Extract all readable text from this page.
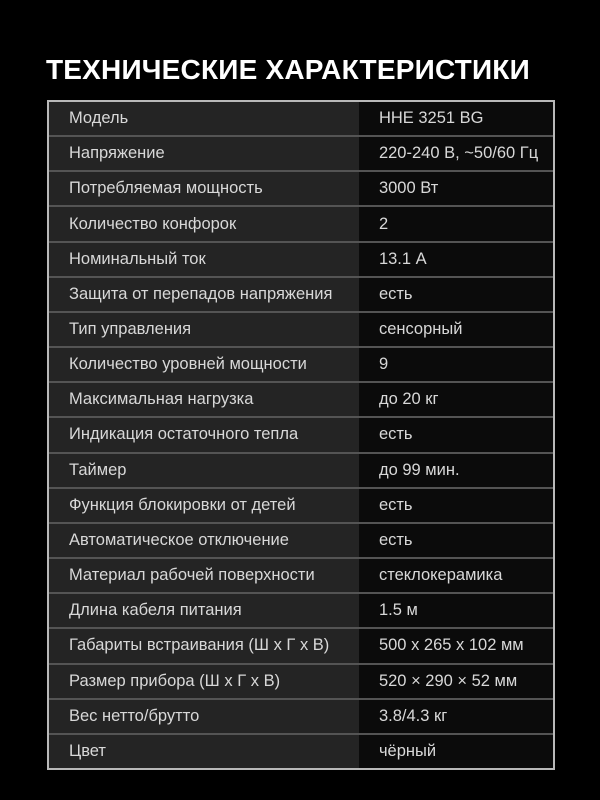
ТЕХНИЧЕСКИЕ ХАРАКТЕРИСТИКИ
Модель	HHE 3251 BG
Напряжение	220-240 В, ~50/60 Гц
Потребляемая мощность	3000 Вт
Количество конфорок	2
Номинальный ток	13.1 А
Защита от перепадов напряжения	есть
Тип управления	сенсорный
Количество уровней мощности	9
Максимальная нагрузка	до 20 кг
Индикация остаточного тепла	есть
Таймер	до 99 мин.
Функция блокировки от детей	есть
Автоматическое отключение	есть
Материал рабочей поверхности	стеклокерамика
Длина кабеля питания	1.5 м
Габариты встраивания (Ш х Г х В)	500 х 265 х 102 мм
Размер прибора (Ш х Г х В)	520 × 290 × 52 мм
Вес нетто/брутто	3.8/4.3 кг
Цвет	чёрный
